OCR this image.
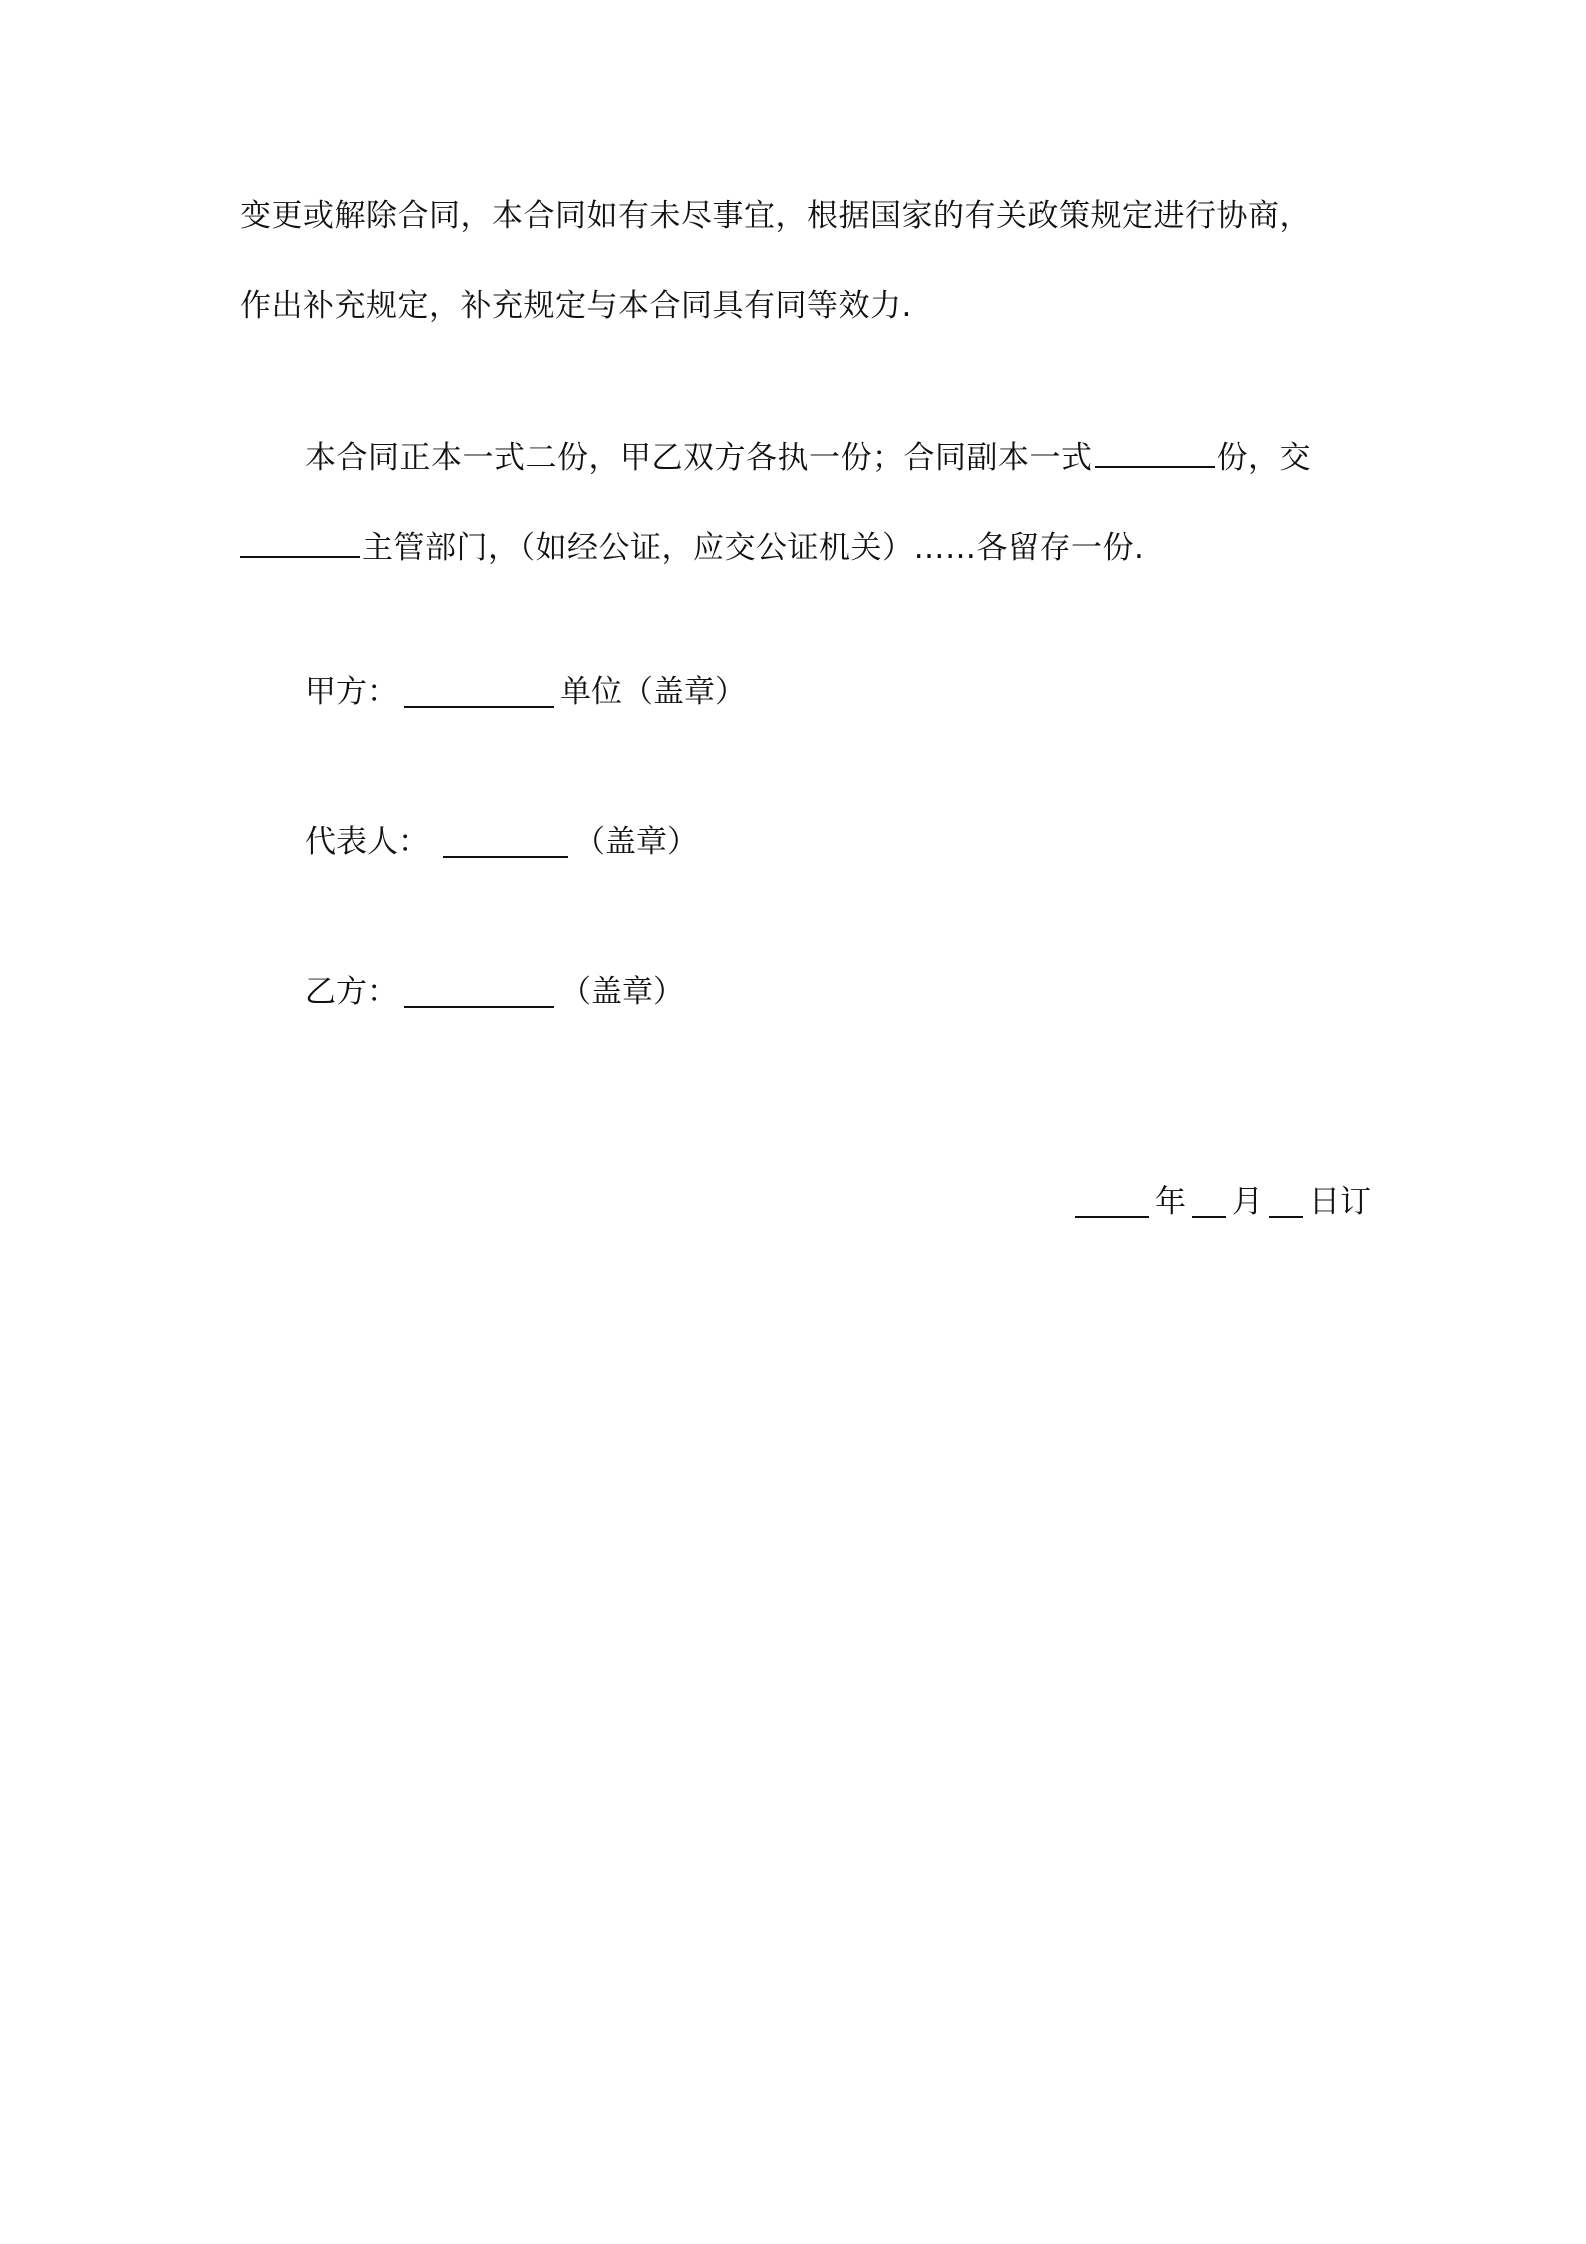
变更或解除合同，本合同如有未尽事宜，根据国家的有关政策规定进行协商，
作出补充规定，补充规定与本合同具有同等效力.
本合同正本一式二份，甲乙双方各执一份；合同副本一式	份，交
主管部门，（如经公证，应交公证机关）……各留存一份.
甲方：	单位（盖章）
代表人：	（盖章）
乙方：	（盖章）
年 月 日订
